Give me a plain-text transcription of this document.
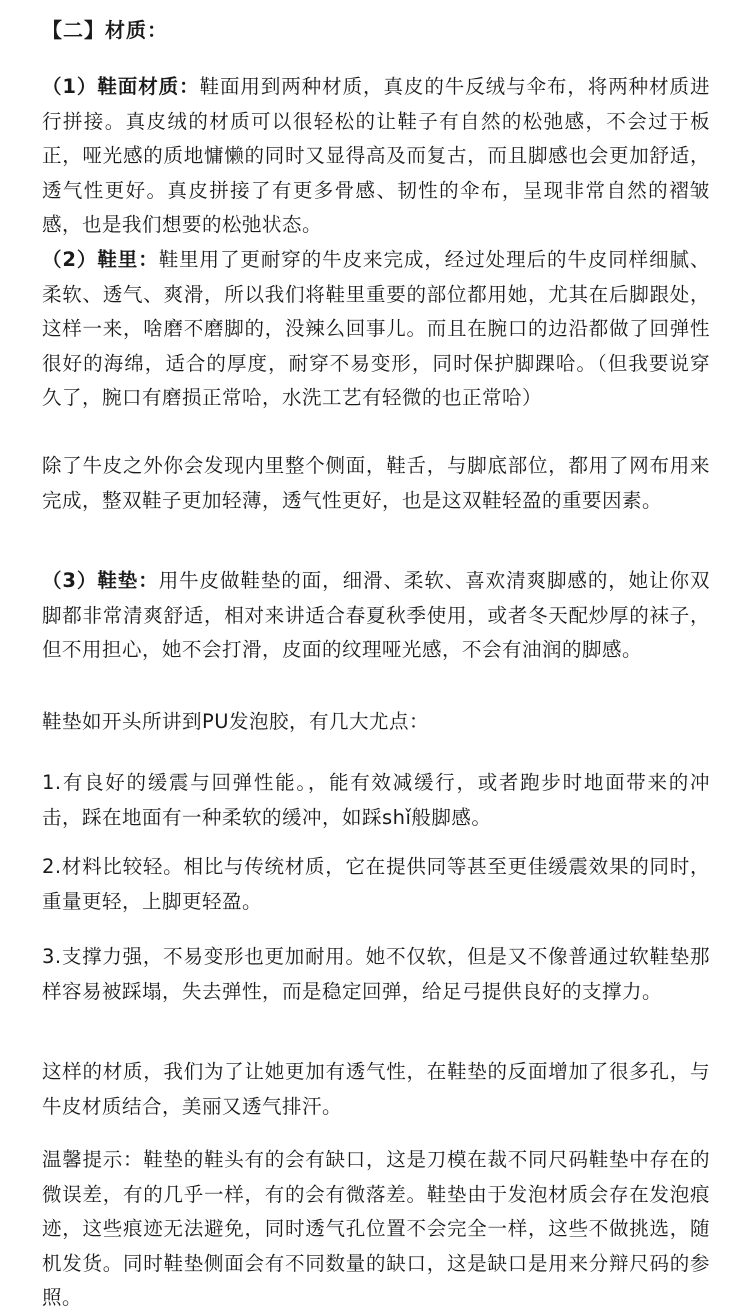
【二】材质：

（1）鞋面材质：鞋面用到两种材质，真皮的牛反绒与伞布，将两种材质进行拼接。真皮绒的材质可以很轻松的让鞋子有自然的松弛感，不会过于板正，哑光感的质地慵懒的同时又显得高及而复古，而且脚感也会更加舒适，透气性更好。真皮拼接了有更多骨感、韧性的伞布，呈现非常自然的褶皱感，也是我们想要的松弛状态。

（2）鞋里：鞋里用了更耐穿的牛皮来完成，经过处理后的牛皮同样细腻、柔软、透气、爽滑，所以我们将鞋里重要的部位都用她，尤其在后脚跟处，这样一来，啥磨不磨脚的，没辣么回事儿。而且在腕口的边沿都做了回弹性很好的海绵，适合的厚度，耐穿不易变形，同时保护脚踝哈。（但我要说穿久了，腕口有磨损正常哈，水洗工艺有轻微的也正常哈）

除了牛皮之外你会发现内里整个侧面，鞋舌，与脚底部位，都用了网布用来完成，整双鞋子更加轻薄，透气性更好，也是这双鞋轻盈的重要因素。

（3）鞋垫：用牛皮做鞋垫的面，细滑、柔软、喜欢清爽脚感的，她让你双脚都非常清爽舒适，相对来讲适合春夏秋季使用，或者冬天配炒厚的袜子，但不用担心，她不会打滑，皮面的纹理哑光感，不会有油润的脚感。

鞋垫如开头所讲到PU发泡胶，有几大尤点：

1.有良好的缓震与回弹性能。，能有效减缓行，或者跑步时地面带来的冲击，踩在地面有一种柔软的缓冲，如踩shǐ般脚感。

2.材料比较轻。相比与传统材质，它在提供同等甚至更佳缓震效果的同时，重量更轻，上脚更轻盈。

3.支撑力强，不易变形也更加耐用。她不仅软，但是又不像普通过软鞋垫那样容易被踩塌，失去弹性，而是稳定回弹，给足弓提供良好的支撑力。

这样的材质，我们为了让她更加有透气性，在鞋垫的反面增加了很多孔，与牛皮材质结合，美丽又透气排汗。

温馨提示：鞋垫的鞋头有的会有缺口，这是刀模在裁不同尺码鞋垫中存在的微误差，有的几乎一样，有的会有微落差。鞋垫由于发泡材质会存在发泡痕迹，这些痕迹无法避免，同时透气孔位置不会完全一样，这些不做挑选，随机发货。同时鞋垫侧面会有不同数量的缺口，这是缺口是用来分辩尺码的参照。
